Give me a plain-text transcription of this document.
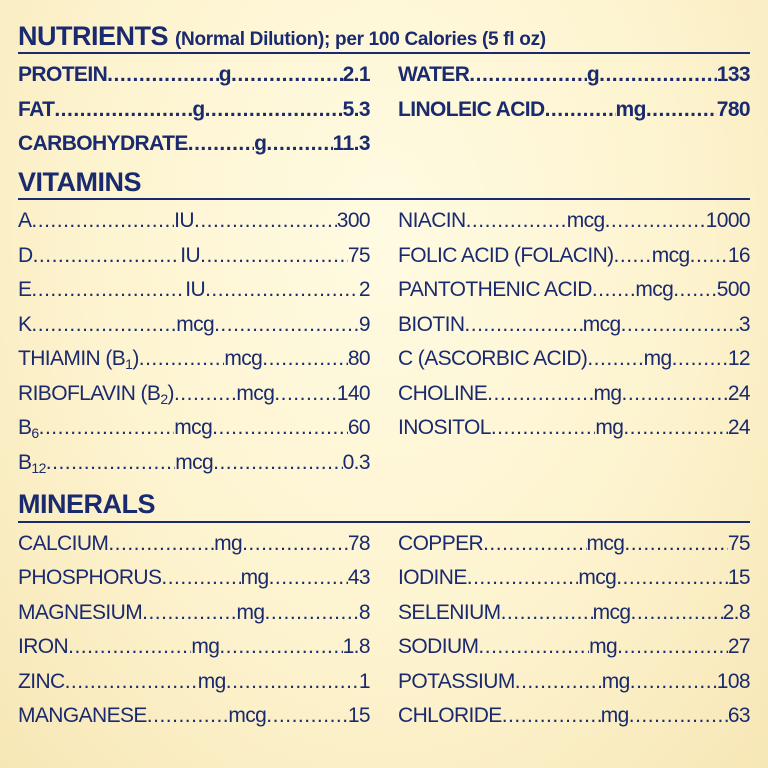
NUTRIENTS (Normal Dilution); per 100 Calories (5 fl oz)
PROTEIN .....	g .....	2.1
FAT .....	g .....	5.3
CARBOHYDRATE .....	g .....	11.3
WATER .....	g .....	133
LINOLEIC ACID .....	mg .....	780
VITAMINS
A .....	IU .....	300
D .....	IU .....	75
E .....	IU .....	2
K .....	mcg .....	9
THIAMIN (B1) .....	mcg .....	80
RIBOFLAVIN (B2) .....	mcg .....	140
B6 .....	mcg .....	60
B12 .....	mcg .....	0.3
NIACIN .....	mcg .....	1000
FOLIC ACID (FOLACIN) ..... mcg ..... 16
PANTOTHENIC ACID ..... mcg ..... 500
BIOTIN .....	mcg .....	3
C (ASCORBIC ACID) .....	mg .....	12
CHOLINE .....	mg .....	24
INOSITOL .....	mg .....	24
MINERALS
CALCIUM .....	mg .....	78
PHOSPHORUS .....	mg .....	43
MAGNESIUM .....	mg .....	8
IRON .....	mg .....	1.8
ZINC .....	mg .....	1
MANGANESE .....	mcg .....	15
COPPER .....	mcg .....	75
IODINE .....	mcg .....	15
SELENIUM .....	mcg .....	2.8
SODIUM .....	mg .....	27
POTASSIUM .....	mg .....	108
CHLORIDE .....	mg .....	63
